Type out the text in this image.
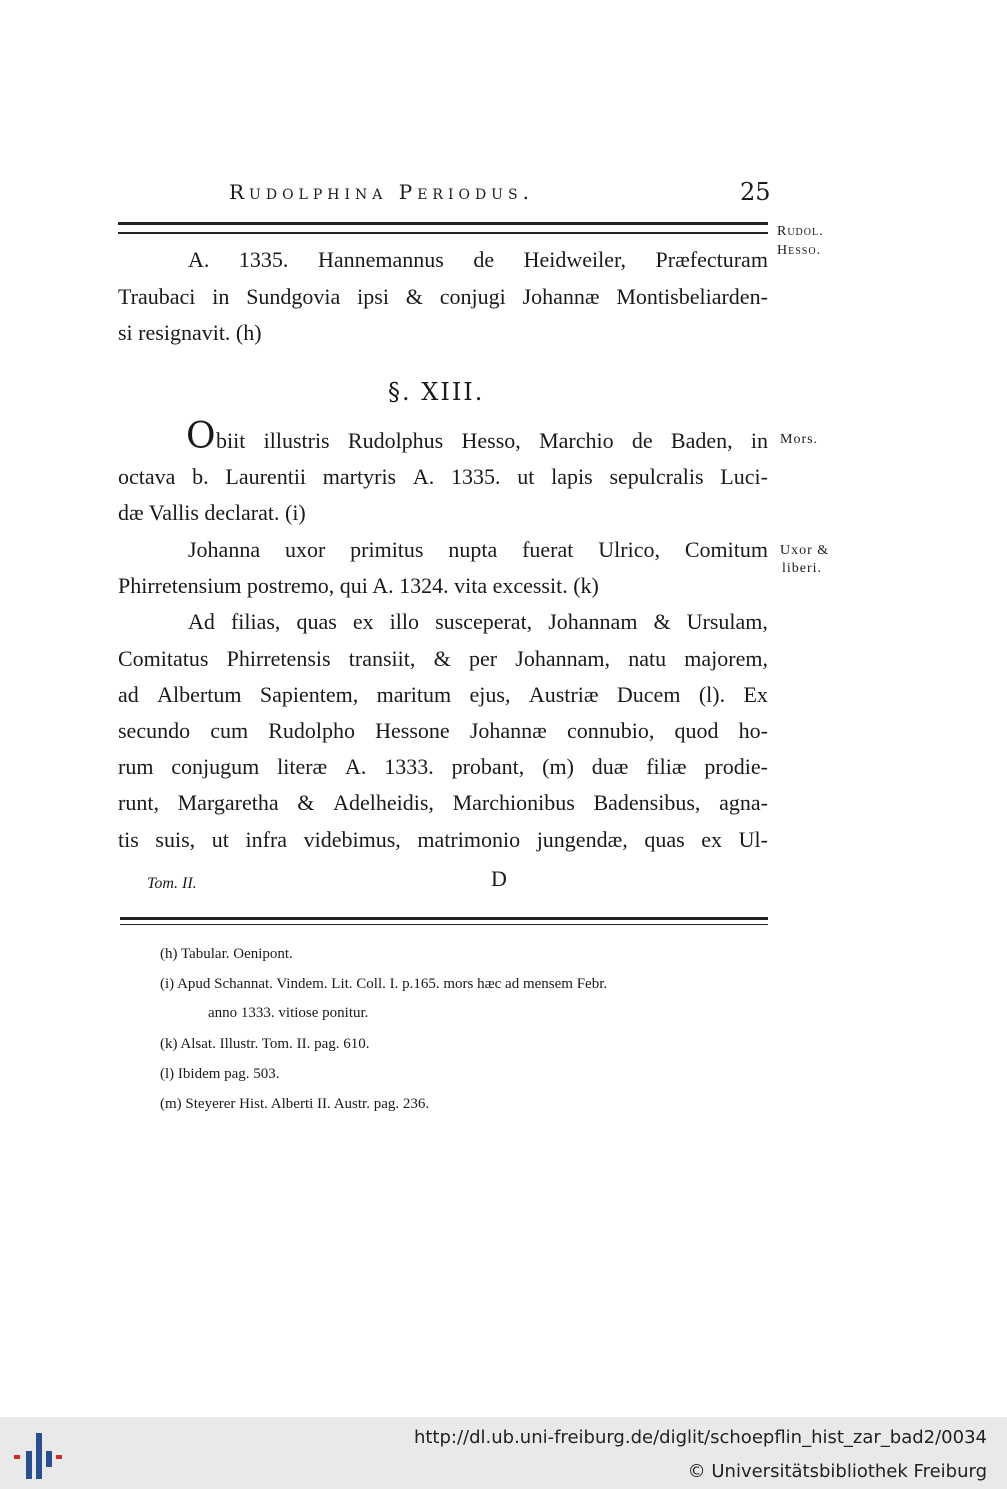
Rudolphina Periodus.	25
Rudol.
Hesso.
Mors.
Uxor &
liberi.
A. 1335. Hannemannus de Heidweiler, Præfecturam
Traubaci in Sundgovia ipsi & conjugi Johannæ Montisbeliarden-
si resignavit. (h)
§. XIII.
O biit illustris Rudolphus Hesso, Marchio de Baden, in
octava b. Laurentii martyris A. 1335. ut lapis sepulcralis Luci-
dæ Vallis declarat. (i)
Johanna uxor primitus nupta fuerat Ulrico, Comitum
Phirretensium postremo, qui A. 1324. vita excessit. (k)
Ad filias, quas ex illo susceperat, Johannam & Ursulam,
Comitatus Phirretensis transiit, & per Johannam, natu majorem,
ad Albertum Sapientem, maritum ejus, Austriæ Ducem (l). Ex
secundo cum Rudolpho Hessone Johannæ connubio, quod ho-
rum conjugum literæ A. 1333. probant, (m) duæ filiæ prodie-
runt, Margaretha & Adelheidis, Marchionibus Badensibus, agna-
tis suis, ut infra videbimus, matrimonio jungendæ, quas ex Ul-
Tom. II.	D
(h) Tabular. Oenipont.
(i) Apud Schannat. Vindem. Lit. Coll. I. p.165. mors hæc ad mensem Febr.
anno 1333. vitiose ponitur.
(k) Alsat. Illustr. Tom. II. pag. 610.
(l) Ibidem pag. 503.
(m) Steyerer Hist. Alberti II. Austr. pag. 236.
http://dl.ub.uni-freiburg.de/diglit/schoepflin_hist_zar_bad2/0034
© Universitätsbibliothek Freiburg
